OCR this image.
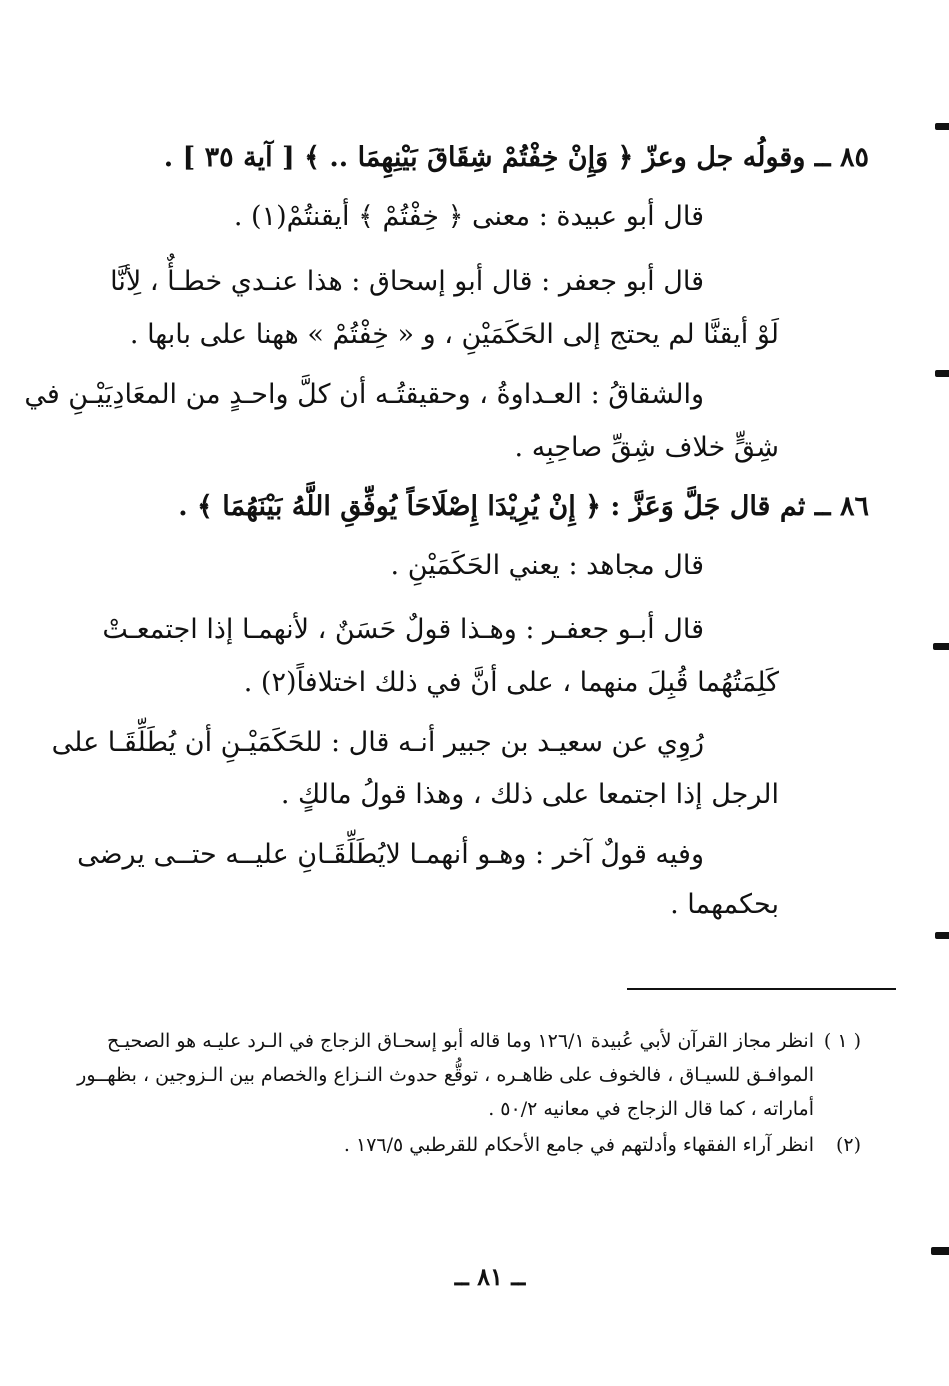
٨٥ ــ وقولُه جل وعزّ ﴿ وَإِنْ خِفْتُمْ شِقَاقَ بَيْنِهِمَا .. ﴾ [ آية ٣٥ ] .
قال أبو عبيدة : معنى ﴿ خِفْتُمْ ﴾ أيقنتُمْ(١) .
قال أبو جعفر : قال أبو إسحاق : هذا عنـدي خطـأٌ ، لِأنَّا
لَوْ أيقنَّا لم يحتج إلى الحَكَمَيْنِ ، و « خِفْتُمْ » ههنا على بابها .
والشقاقُ : العـداوةُ ، وحقيقتُـه أن كلَّ واحـدٍ من المعَادِيَيْـنِ في
شِقٍّ خلاف شِقِّ صاحِبِه .
٨٦ ــ ثم قال جَلَّ وَعَزَّ : ﴿ إِنْ يُرِيْدَا إِصْلَاحَاً يُوفِّقِ اللَّهُ بَيْنَهُمَا ﴾ .
قال مجاهد : يعني الحَكَمَيْنِ .
قال أبـو جعفـر : وهـذا قولٌ حَسَنٌ ، لأنهمـا إذا اجتمعـتْ
كَلِمَتُهُما قُبِلَ منهما ، على أنَّ في ذلك اختلافاً(٢) .
رُوِي عن سعيـد بن جبير أنـه قال : للحَكَمَيْـنِ أن يُطَلِّقَـا على
الرجل إذا اجتمعا على ذلك ، وهذا قولُ مالكٍ .
وفيه قولٌ آخر : وهـو أنهمـا لايُطَلِّقَـانِ عليــه حتــى يرضى
بحكمهما .
( ١ )
انظر مجاز القرآن لأبي عُبيدة ١٢٦/١ وما قاله أبو إسحـاق الزجاج في الـرد عليـه هو الصحيـح
الموافـق للسيـاق ، فالخوف على ظاهـره ، توقُّع حدوث النـزاع والخصام بين الـزوجين ، بظهــور
أماراته ، كما قال الزجاج في معانيه ٥٠/٢ .
(٢)
انظر آراء الفقهاء وأدلتهم في جامع الأحكام للقرطبي ١٧٦/٥ .
ــ ٨١ ــ
